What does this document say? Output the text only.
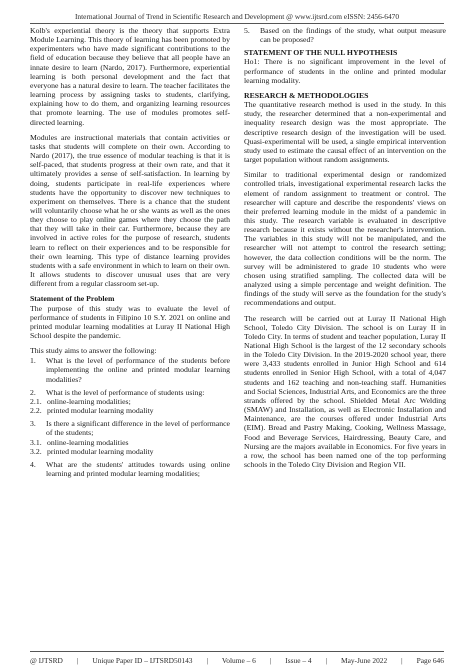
International Journal of Trend in Scientific Research and Development @ www.ijtsrd.com eISSN: 2456-6470

Kolb's experiential theory is the theory that supports Extra Module Learning. This theory of learning has been promoted by experimenters who have made significant contributions to the field of education because they believe that all people have an innate desire to learn (Nardo, 2017). Furthermore, experiential learning is both personal development and the fact that everyone has a natural desire to learn. The teacher facilitates the learning process by assigning tasks to students, clarifying, explaining how to do them, and organizing learning resources that promote learning. The use of modules promotes self-directed learning.

Modules are instructional materials that contain activities or tasks that students will complete on their own. According to Nardo (2017), the true essence of modular teaching is that it is self-paced, that students progress at their own rate, and that it ultimately provides a sense of self-satisfaction. In learning by doing, students participate in real-life experiences where students have the opportunity to discover new techniques to experiment on themselves. There is a chance that the student will voluntarily choose what he or she wants as well as the ones they choose to play online games where they choose the path that they will take in their car. Furthermore, because they are involved in active roles for the purpose of research, students learn to reflect on their experiences and to be responsible for their own learning. This type of distance learning provides students with a safe environment in which to learn on their own. It allows students to discover unusual uses that are very different from a regular classroom set-up.

Statement of the Problem

The purpose of this study was to evaluate the level of performance of students in Filipino 10 S.Y. 2021 on online and printed modular learning modalities at Luray II National High School despite the pandemic.

This study aims to answer the following:

1.	What is the level of performance of the students before implementing the online and printed modular learning modalities?
2.	What is the level of performance of students using:
2.1. online-learning modalities;
2.2. printed modular learning modality
3.	Is there a significant difference in the level of performance of the students;
3.1. online-learning modalities
3.2. printed modular learning modality
4.	What are the students' attitudes towards using online learning and printed modular learning modalities;
5.	Based on the findings of the study, what output measure can be proposed?
STATEMENT OF THE NULL HYPOTHESIS

Ho1: There is no significant improvement in the level of performance of students in the online and printed modular learning modality.

RESEARCH & METHODOLOGIES

The quantitative research method is used in the study. In this study, the researcher determined that a non-experimental and inequality research design was the most appropriate. The descriptive research design of the investigation will be used. Quasi-experimental will be used, a single empirical intervention study used to estimate the causal effect of an intervention on the target population without random assignments.

Similar to traditional experimental design or randomized controlled trials, investigational experimental research lacks the element of random assignment to treatment or control. The researcher will capture and describe the respondents' views on their preferred learning module in the midst of a pandemic in this study. The research variable is evaluated in descriptive research because it exists without the researcher's intervention. The variables in this study will not be manipulated, and the researcher will not attempt to control the research setting; however, the data collection conditions will be the norm. The survey will be administered to grade 10 students who were chosen using stratified sampling. The collected data will be analyzed using a simple percentage and weight definition. The findings of the study will serve as the foundation for the study's recommendations and output.

The research will be carried out at Luray II National High School, Toledo City Division. The school is on Luray II in Toledo City. In terms of student and teacher population, Luray II National High School is the largest of the 12 secondary schools in the Toledo City Division. In the 2019-2020 school year, there were 3,433 students enrolled in Junior High School and 614 students enrolled in Senior High School, with a total of 4,047 students and 162 teaching and non-teaching staff. Humanities and Social Sciences, Industrial Arts, and Economics are the three strands offered by the school. Shielded Metal Arc Welding (SMAW) and Installation, as well as Electronic Installation and Maintenance, are the courses offered under Industrial Arts (EIM). Bread and Pastry Making, Cooking, Wellness Massage, Food and Beverage Services, Hairdressing, Beauty Care, and Nursing are the majors available in Economics. For five years in a row, the school has been named one of the top performing schools in the Toledo City Division and Region VII.

@ IJTSRD | Unique Paper ID – IJTSRD50143 | Volume – 6 | Issue – 4 | May-June 2022 | Page 646
